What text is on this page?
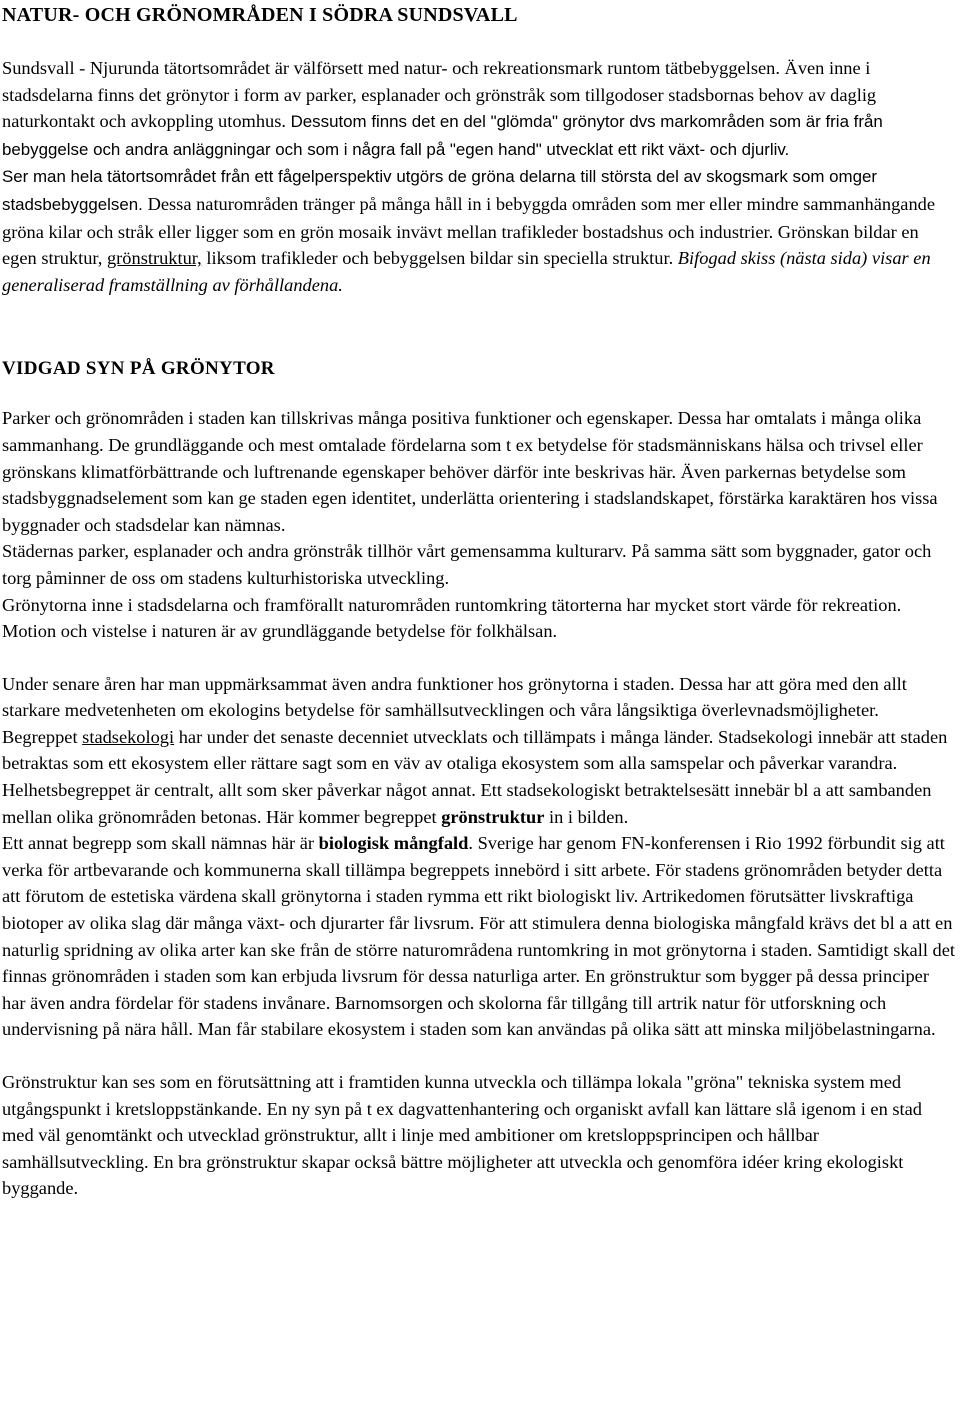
NATUR- OCH GRÖNOMRÅDEN I SÖDRA SUNDSVALL

Sundsvall - Njurunda tätortsområdet är välförsett med natur- och rekreationsmark runtom tätbebyggelsen. Även inne i stadsdelarna finns det grönytor i form av parker, esplanader och grönstråk som tillgodoser stadsbornas behov av daglig naturkontakt och avkoppling utomhus. Dessutom finns det en del "glömda" grönytor dvs markområden som är fria från bebyggelse och andra anläggningar och som i några fall på "egen hand" utvecklat ett rikt växt- och djurliv.

Ser man hela tätortsområdet från ett fågelperspektiv utgörs de gröna delarna till största del av skogsmark som omger stadsbebyggelsen. Dessa naturområden tränger på många håll in i bebyggda områden som mer eller mindre sammanhängande gröna kilar och stråk eller ligger som en grön mosaik invävt mellan trafikleder bostadshus och industrier. Grönskan bildar en egen struktur, grönstruktur, liksom trafikleder och bebyggelsen bildar sin speciella struktur. Bifogad skiss (nästa sida) visar en generaliserad framställning av förhållandena.

VIDGAD SYN PÅ GRÖNYTOR

Parker och grönområden i staden kan tillskrivas många positiva funktioner och egenskaper. Dessa har omtalats i många olika sammanhang. De grundläggande och mest omtalade fördelarna som t ex betydelse för stadsmänniskans hälsa och trivsel eller grönskans klimatförbättrande och luftrenande egenskaper behöver därför inte beskrivas här. Även parkernas betydelse som stadsbyggnadselement som kan ge staden egen identitet, underlätta orientering i stadslandskapet, förstärka karaktären hos vissa byggnader och stadsdelar kan nämnas.

Städernas parker, esplanader och andra grönstråk tillhör vårt gemensamma kulturarv. På samma sätt som byggnader, gator och torg påminner de oss om stadens kulturhistoriska utveckling.

Grönytorna inne i stadsdelarna och framförallt naturområden runtomkring tätorterna har mycket stort värde för rekreation. Motion och vistelse i naturen är av grundläggande betydelse för folkhälsan.

Under senare åren har man uppmärksammat även andra funktioner hos grönytorna i staden. Dessa har att göra med den allt starkare medvetenheten om ekologins betydelse för samhällsutvecklingen och våra långsiktiga överlevnadsmöjligheter. Begreppet stadsekologi har under det senaste decenniet utvecklats och tillämpats i många länder. Stadsekologi innebär att staden betraktas som ett ekosystem eller rättare sagt som en väv av otaliga ekosystem som alla samspelar och påverkar varandra. Helhetsbegreppet är centralt, allt som sker påverkar något annat. Ett stadsekologiskt betraktelsesätt innebär bl a att sambanden mellan olika grönområden betonas. Här kommer begreppet grönstruktur in i bilden.

Ett annat begrepp som skall nämnas här är biologisk mångfald. Sverige har genom FN-konferensen i Rio 1992 förbundit sig att verka för artbevarande och kommunerna skall tillämpa begreppets innebörd i sitt arbete. För stadens grönområden betyder detta att förutom de estetiska värdena skall grönytorna i staden rymma ett rikt biologiskt liv. Artrikedomen förutsätter livskraftiga biotoper av olika slag där många växt- och djurarter får livsrum. För att stimulera denna biologiska mångfald krävs det bl a att en naturlig spridning av olika arter kan ske från de större naturområdena runtomkring in mot grönytorna i staden. Samtidigt skall det finnas grönområden i staden som kan erbjuda livsrum för dessa naturliga arter. En grönstruktur som bygger på dessa principer har även andra fördelar för stadens invånare. Barnomsorgen och skolorna får tillgång till artrik natur för utforskning och undervisning på nära håll. Man får stabilare ekosystem i staden som kan användas på olika sätt att minska miljöbelastningarna.

Grönstruktur kan ses som en förutsättning att i framtiden kunna utveckla och tillämpa lokala "gröna" tekniska system med utgångspunkt i kretsloppstänkande. En ny syn på t ex dagvattenhantering och organiskt avfall kan lättare slå igenom i en stad med väl genomtänkt och utvecklad grönstruktur, allt i linje med ambitioner om kretsloppsprincipen och hållbar samhällsutveckling. En bra grönstruktur skapar också bättre möjligheter att utveckla och genomföra idéer kring ekologiskt byggande.
